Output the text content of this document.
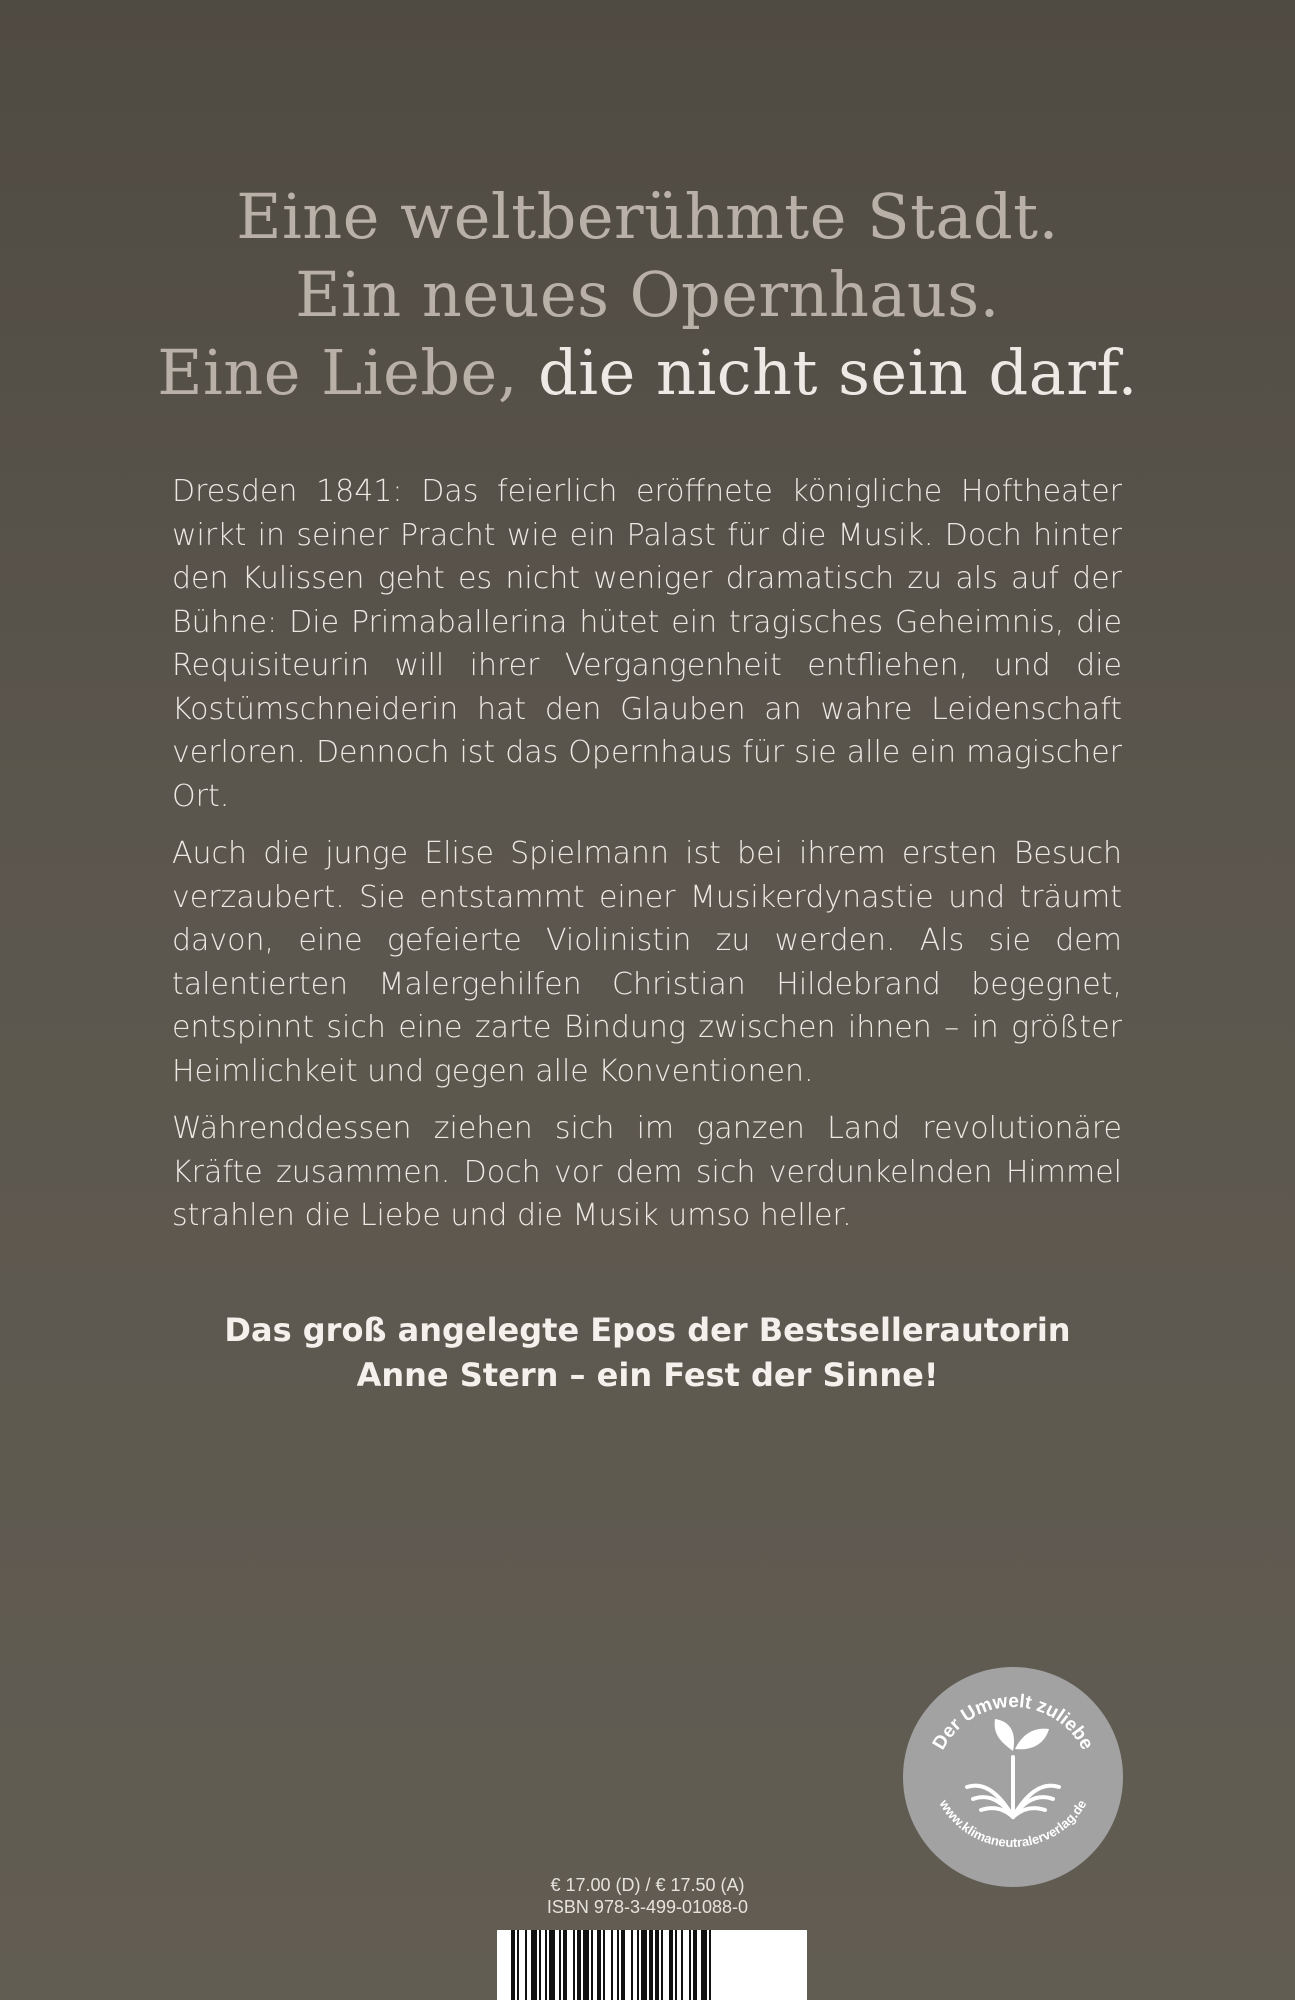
Eine weltberühmte Stadt.
Ein neues Opernhaus.
Eine Liebe, die nicht sein darf.

Dresden 1841: Das feierlich eröffnete königliche Hoftheater wirkt in seiner Pracht wie ein Palast für die Musik. Doch hinter den Kulissen geht es nicht weniger dramatisch zu als auf der Bühne: Die Primaballerina hütet ein tragisches Geheimnis, die Requisiteurin will ihrer Vergangenheit entfliehen, und die Kostümschneiderin hat den Glauben an wahre Leidenschaft verloren. Dennoch ist das Opernhaus für sie alle ein magischer Ort.

Auch die junge Elise Spielmann ist bei ihrem ersten Besuch verzaubert. Sie entstammt einer Musikerdynastie und träumt davon, eine gefeierte Violinistin zu werden. Als sie dem talentierten Malergehilfen Christian Hildebrand begegnet, entspinnt sich eine zarte Bindung zwischen ihnen – in größter Heimlichkeit und gegen alle Konventionen.

Währenddessen ziehen sich im ganzen Land revolutionäre Kräfte zusammen. Doch vor dem sich verdunkelnden Himmel strahlen die Liebe und die Musik umso heller.

Das groß angelegte Epos der Bestsellerautorin
Anne Stern – ein Fest der Sinne!
Der Umwelt zuliebe
www.klimaneutralerverlag.de
€ 17.00 (D) / € 17.50 (A)
ISBN 978-3-499-01088-0
